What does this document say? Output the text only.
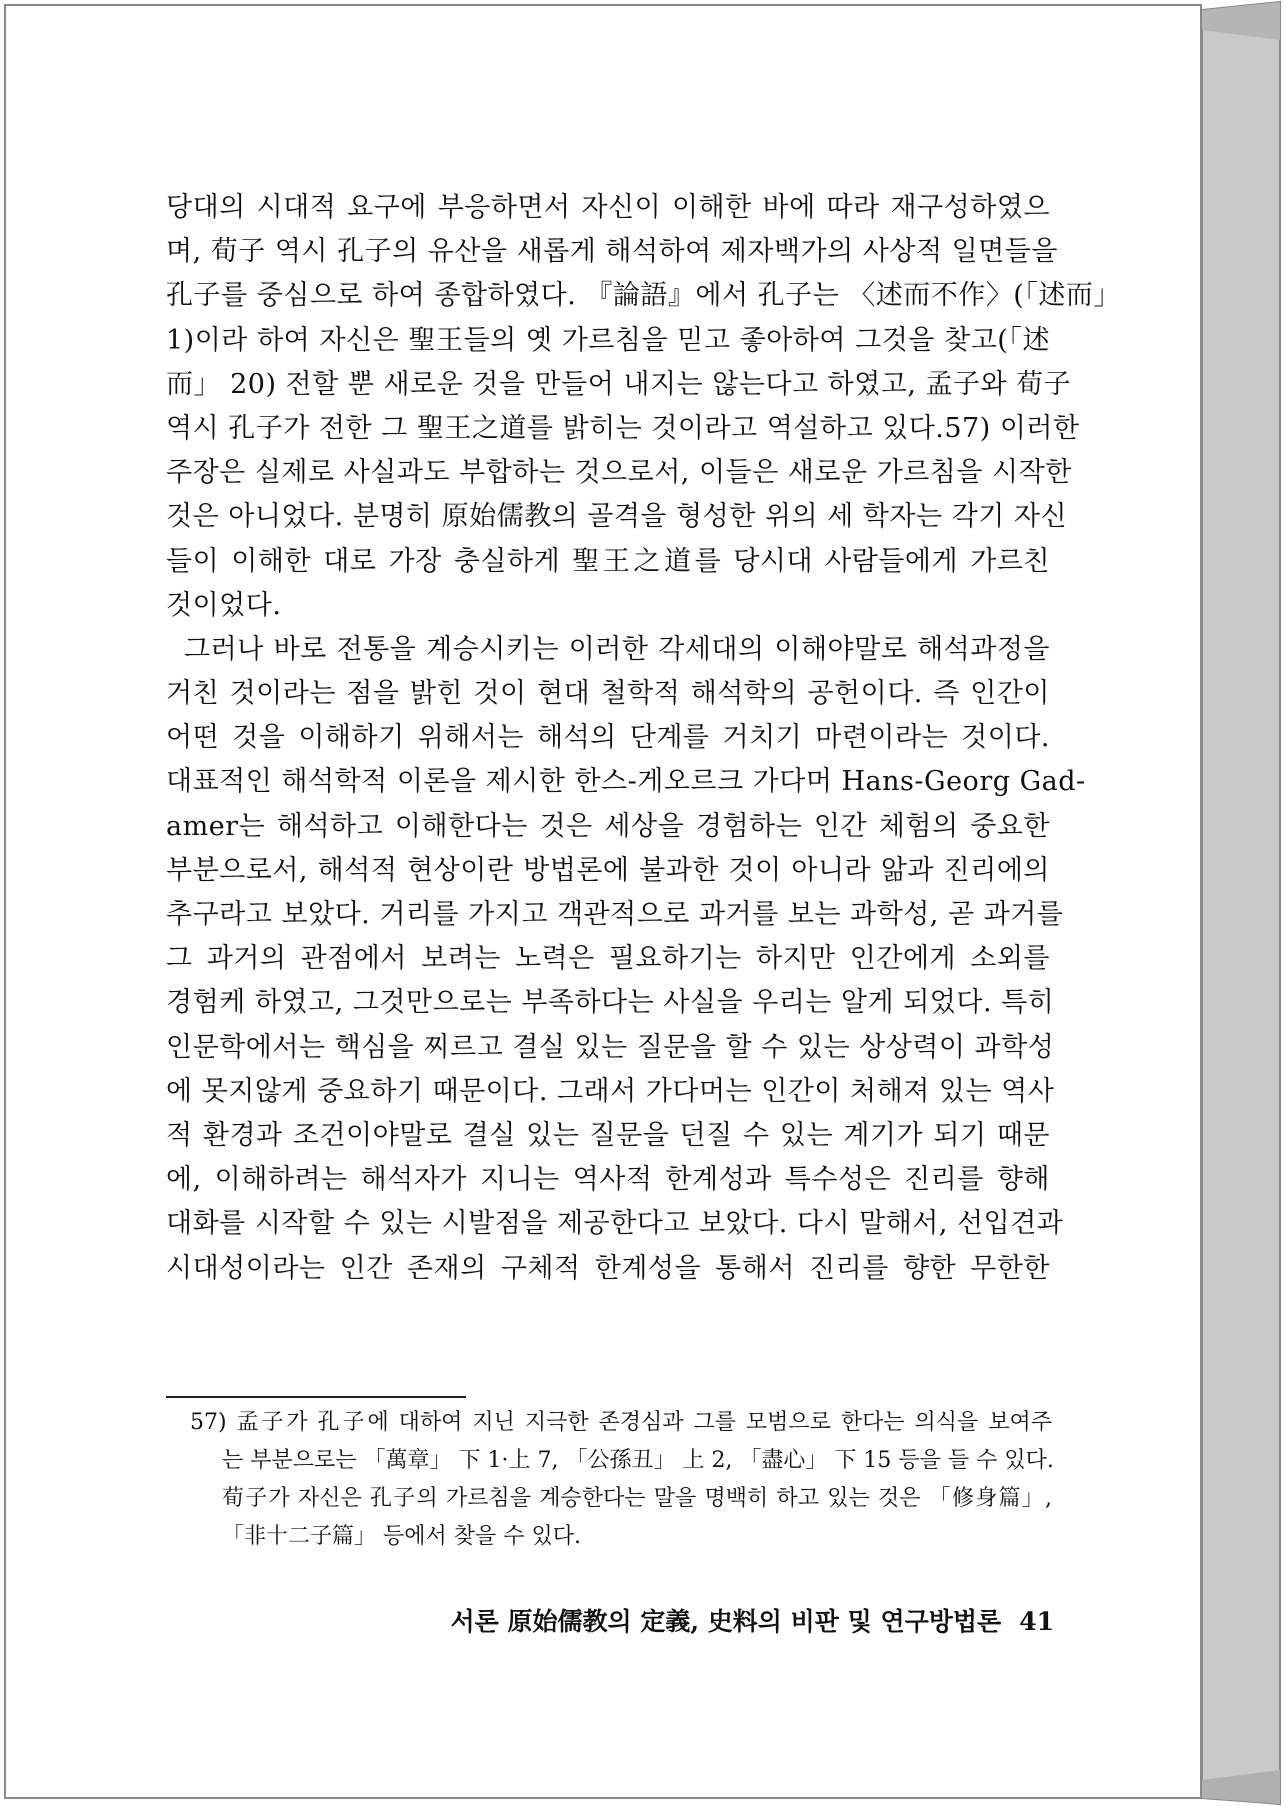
당대의 시대적 요구에 부응하면서 자신이 이해한 바에 따라 재구성하였으
며, 荀子 역시 孔子의 유산을 새롭게 해석하여 제자백가의 사상적 일면들을
孔子를 중심으로 하여 종합하였다. 『論語』에서 孔子는 〈述而不作〉(「述而」
1)이라 하여 자신은 聖王들의 옛 가르침을 믿고 좋아하여 그것을 찾고(「述
而」 20) 전할 뿐 새로운 것을 만들어 내지는 않는다고 하였고, 孟子와 荀子
역시 孔子가 전한 그 聖王之道를 밝히는 것이라고 역설하고 있다.57) 이러한
주장은 실제로 사실과도 부합하는 것으로서, 이들은 새로운 가르침을 시작한
것은 아니었다. 분명히 原始儒教의 골격을 형성한 위의 세 학자는 각기 자신
들이 이해한 대로 가장 충실하게 聖王之道를 당시대 사람들에게 가르친
것이었다.
그러나 바로 전통을 계승시키는 이러한 각세대의 이해야말로 해석과정을
거친 것이라는 점을 밝힌 것이 현대 철학적 해석학의 공헌이다. 즉 인간이
어떤 것을 이해하기 위해서는 해석의 단계를 거치기 마련이라는 것이다.
대표적인 해석학적 이론을 제시한 한스-게오르크 가다머 Hans-Georg Gad-
amer는 해석하고 이해한다는 것은 세상을 경험하는 인간 체험의 중요한
부분으로서, 해석적 현상이란 방법론에 불과한 것이 아니라 앎과 진리에의
추구라고 보았다. 거리를 가지고 객관적으로 과거를 보는 과학성, 곧 과거를
그 과거의 관점에서 보려는 노력은 필요하기는 하지만 인간에게 소외를
경험케 하였고, 그것만으로는 부족하다는 사실을 우리는 알게 되었다. 특히
인문학에서는 핵심을 찌르고 결실 있는 질문을 할 수 있는 상상력이 과학성
에 못지않게 중요하기 때문이다. 그래서 가다머는 인간이 처해져 있는 역사
적 환경과 조건이야말로 결실 있는 질문을 던질 수 있는 계기가 되기 때문
에, 이해하려는 해석자가 지니는 역사적 한계성과 특수성은 진리를 향해
대화를 시작할 수 있는 시발점을 제공한다고 보았다. 다시 말해서, 선입견과
시대성이라는 인간 존재의 구체적 한계성을 통해서 진리를 향한 무한한
57) 孟子가 孔子에 대하여 지닌 지극한 존경심과 그를 모범으로 한다는 의식을 보여주
는 부분으로는 「萬章」 下 1·上 7, 「公孫丑」 上 2, 「盡心」 下 15 등을 들 수 있다.
荀子가 자신은 孔子의 가르침을 계승한다는 말을 명백히 하고 있는 것은 「修身篇」,
「非十二子篇」 등에서 찾을 수 있다.
서론 原始儒教의 定義, 史料의 비판 및 연구방법론 41
